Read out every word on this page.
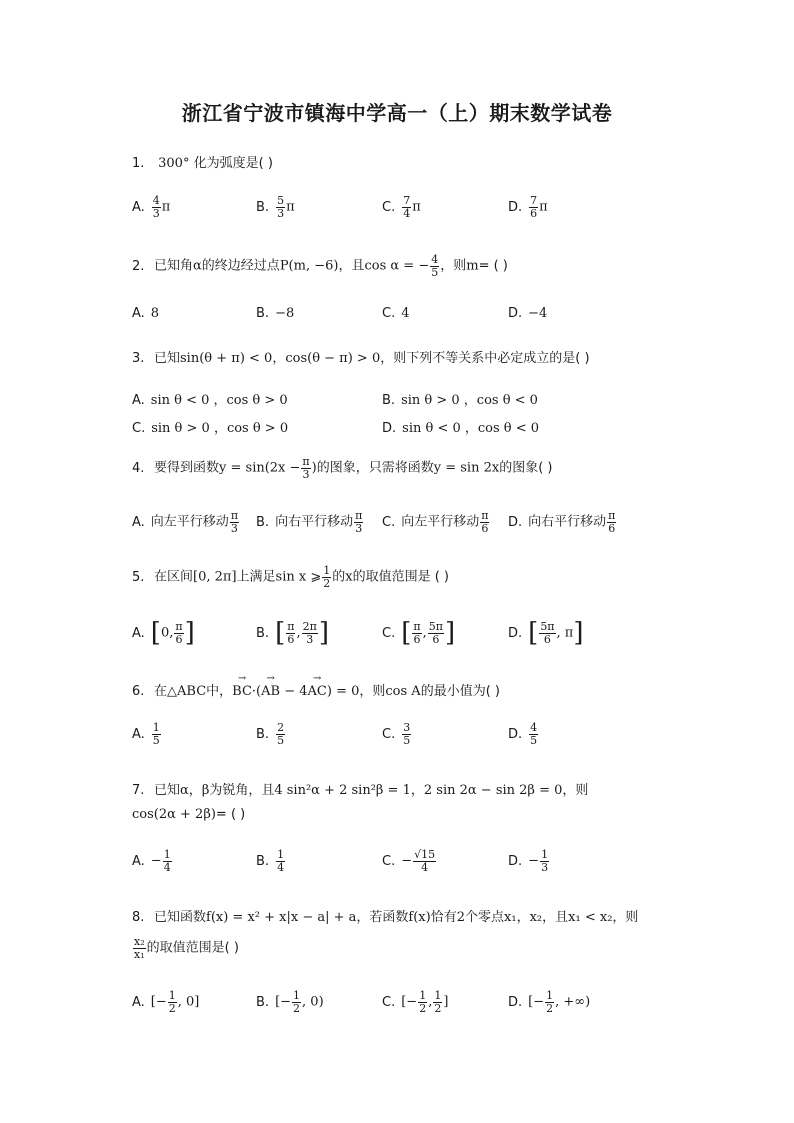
浙江省宁波市镇海中学高一（上）期末数学试卷
1. 300° 化为弧度是( )
A. $\frac{4}{3}$ π	B. $\frac{5}{3}$ π	C. $\frac{7}{4}$ π	D. $\frac{7}{6}$ π
2. 已知角α的终边经过点P(m, −6)，且cos α = − $\frac{4}{5}$ ，则m= ( )
A. 8	B. −8	C. 4	D. −4
3. 已知sin(θ + π) < 0，cos(θ − π) > 0，则下列不等关系中必定成立的是( )
A. sin θ < 0 ，cos θ > 0	B. sin θ > 0 ，cos θ < 0
C. sin θ > 0 ，cos θ > 0	D. sin θ < 0 ，cos θ < 0
4. 要得到函数$y = \sin(2x - \frac{\pi}{3}$ )的图象，只需将函数y = sin 2x的图象( )
A. 向左平行移动 $\frac{\pi}{3} B$. 向右平行移动 $\frac{\pi}{3} C$. 向左平行移动 $\frac{\pi}{6} D$. 向右平行移动 $\frac{\pi}{6}$
5. 在区间[0, 2π]上满足sin x ⩾ $\frac{1}{2}$ 的x的取值范围是 ( )
A. [0, $\frac{\pi}{6}$ ]	B. [ $\frac{\pi}{6}$ , $\frac{2\pi}{3}$ ]	C. [ $\frac{\pi}{6}$ , $\frac{5\pi}{6}$ ]	D. [ $\frac{5\pi}{6}$ , π]
6. 在△ABC中，→ BC·(→ AB − 4→ AC) = 0，则cos A的最小值为( )
A. $\frac{1}{5}$	B. $\frac{2}{5}$	C. $\frac{3}{5}$	D. $\frac{4}{5}$
7. 已知α，β为锐角，且4 sin²α + 2 sin²β = 1，2 sin 2α − sin 2β = 0，则
cos(2α + 2β)= ( )
A. − $\frac{1}{4}$	B. $\frac{1}{4}$	C. − $\frac{√15}{4}$	D. − $\frac{1}{3}$
8. 已知函数f(x) = x² + x|x − a| + a，若函数f(x)恰有2个零点x₁，x₂，且x₁ < x₂，则
$\frac{\text{x₂}}{\text{x₁}}$ 的取值范围是( )
A. [− $\frac{1}{2}$ , 0]	B. [− $\frac{1}{2}$ , 0)	C. [− $\frac{1}{2}$ , $\frac{1}{2}$ ]	D. [− $\frac{1}{2}$ , +∞)
